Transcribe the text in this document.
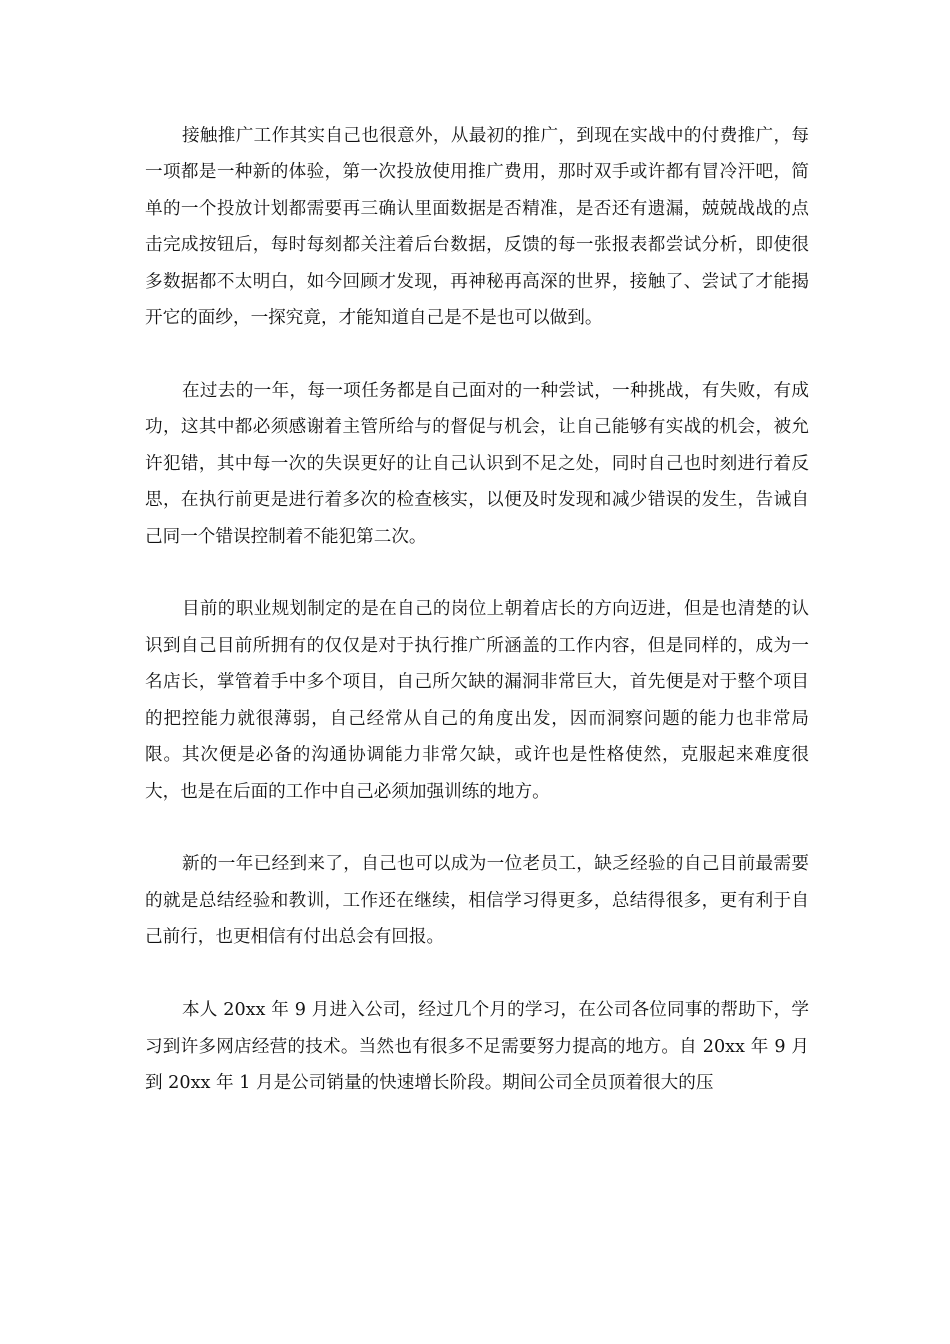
接触推广工作其实自己也很意外，从最初的推广，到现在实战中的付费推广，每一项都是一种新的体验，第一次投放使用推广费用，那时双手或许都有冒冷汗吧，简单的一个投放计划都需要再三确认里面数据是否精准，是否还有遗漏，兢兢战战的点击完成按钮后，每时每刻都关注着后台数据，反馈的每一张报表都尝试分析，即使很多数据都不太明白，如今回顾才发现，再神秘再高深的世界，接触了、尝试了才能揭开它的面纱，一探究竟，才能知道自己是不是也可以做到。

在过去的一年，每一项任务都是自己面对的一种尝试，一种挑战，有失败，有成功，这其中都必须感谢着主管所给与的督促与机会，让自己能够有实战的机会，被允许犯错，其中每一次的失误更好的让自己认识到不足之处，同时自己也时刻进行着反思，在执行前更是进行着多次的检查核实，以便及时发现和减少错误的发生，告诫自己同一个错误控制着不能犯第二次。

目前的职业规划制定的是在自己的岗位上朝着店长的方向迈进，但是也清楚的认识到自己目前所拥有的仅仅是对于执行推广所涵盖的工作内容，但是同样的，成为一名店长，掌管着手中多个项目，自己所欠缺的漏洞非常巨大，首先便是对于整个项目的把控能力就很薄弱，自己经常从自己的角度出发，因而洞察问题的能力也非常局限。其次便是必备的沟通协调能力非常欠缺，或许也是性格使然，克服起来难度很大，也是在后面的工作中自己必须加强训练的地方。

新的一年已经到来了，自己也可以成为一位老员工，缺乏经验的自己目前最需要的就是总结经验和教训，工作还在继续，相信学习得更多，总结得很多，更有利于自己前行，也更相信有付出总会有回报。

本人 20xx 年 9 月进入公司，经过几个月的学习，在公司各位同事的帮助下，学习到许多网店经营的技术。当然也有很多不足需要努力提高的地方。自 20xx 年 9 月到 20xx 年 1 月是公司销量的快速增长阶段。期间公司全员顶着很大的压
